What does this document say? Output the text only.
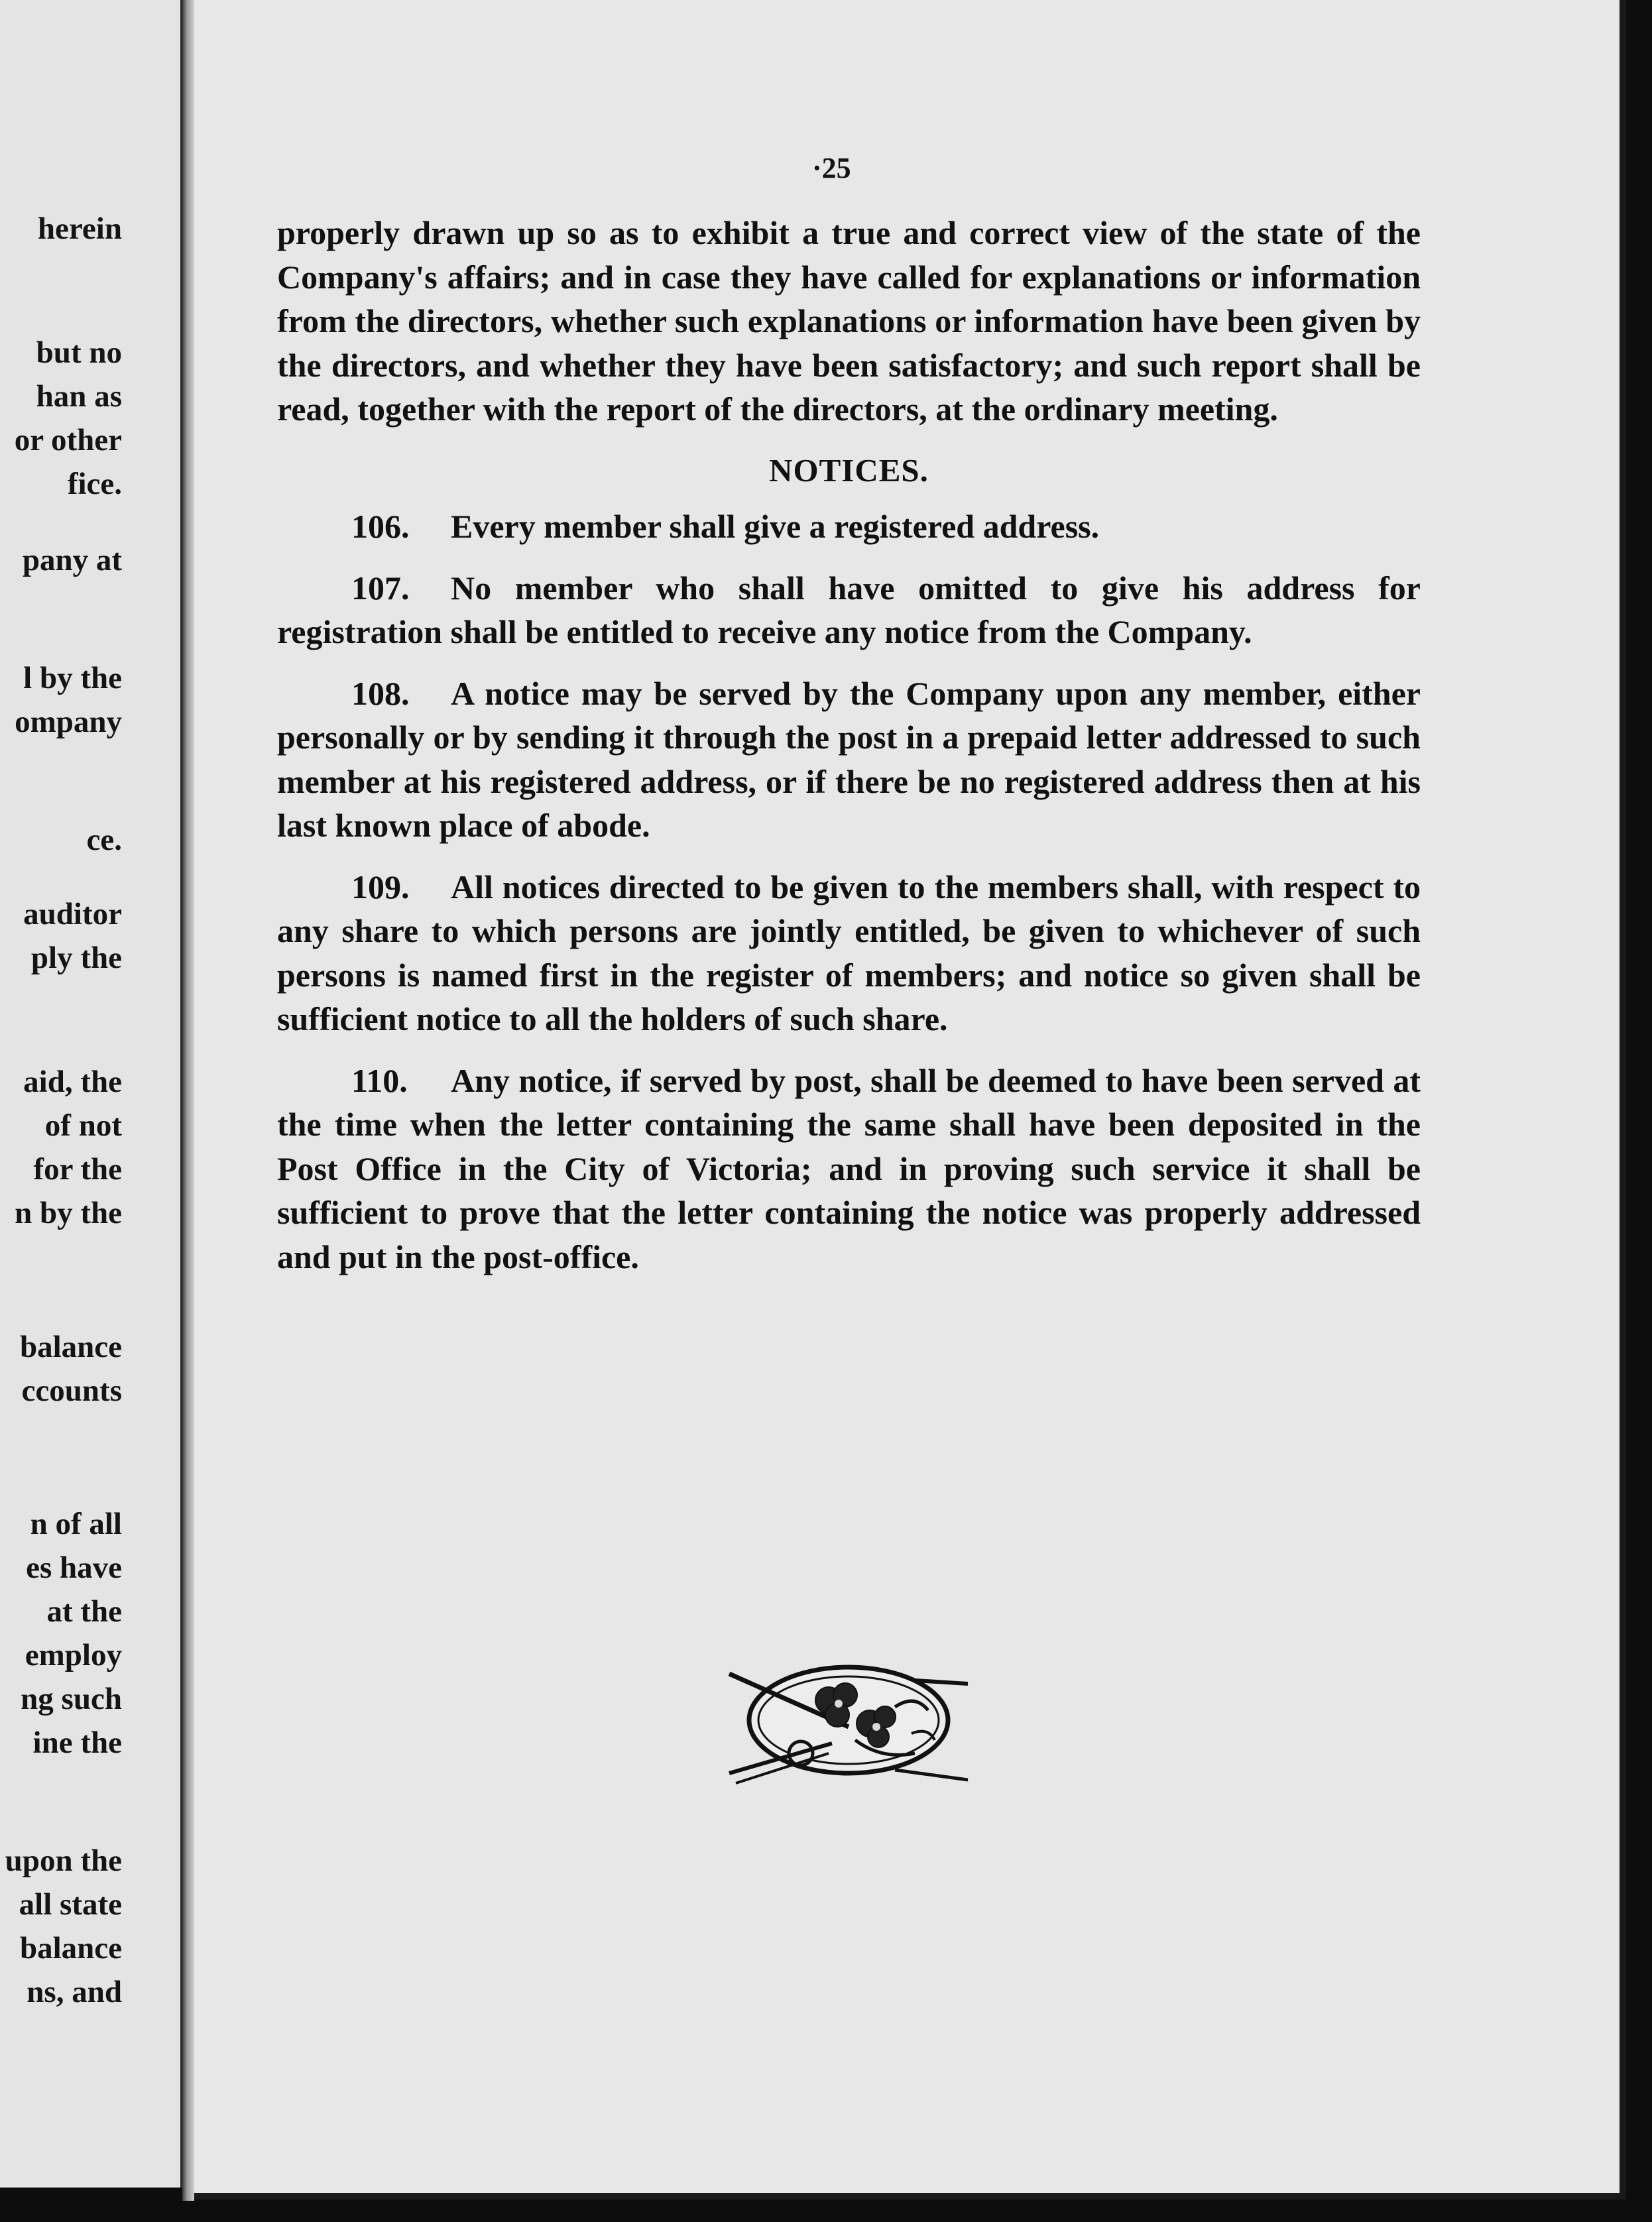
herein
but no
han as
or other
fice.
pany at
l by the
ompany
ce.
auditor
ply the
aid, the
of not
for the
n by the
balance
ccounts
n of all
es have
at the
employ
ng such
ine the
upon the
all state
balance
ns, and
·25

properly drawn up so as to exhibit a true and correct view of the state of the Company's affairs; and in case they have called for explanations or information from the directors, whether such explanations or information have been given by the directors, and whether they have been satisfactory; and such report shall be read, together with the report of the directors, at the ordinary meeting.

NOTICES.

106. Every member shall give a registered address.

107. No member who shall have omitted to give his address for registration shall be entitled to receive any notice from the Company.

108. A notice may be served by the Company upon any member, either personally or by sending it through the post in a prepaid letter addressed to such member at his registered address, or if there be no registered address then at his last known place of abode.

109. All notices directed to be given to the members shall, with respect to any share to which persons are jointly entitled, be given to whichever of such persons is named first in the register of members; and notice so given shall be sufficient notice to all the holders of such share.

110. Any notice, if served by post, shall be deemed to have been served at the time when the letter containing the same shall have been deposited in the Post Office in the City of Victoria; and in proving such service it shall be sufficient to prove that the letter containing the notice was properly addressed and put in the post-office.
